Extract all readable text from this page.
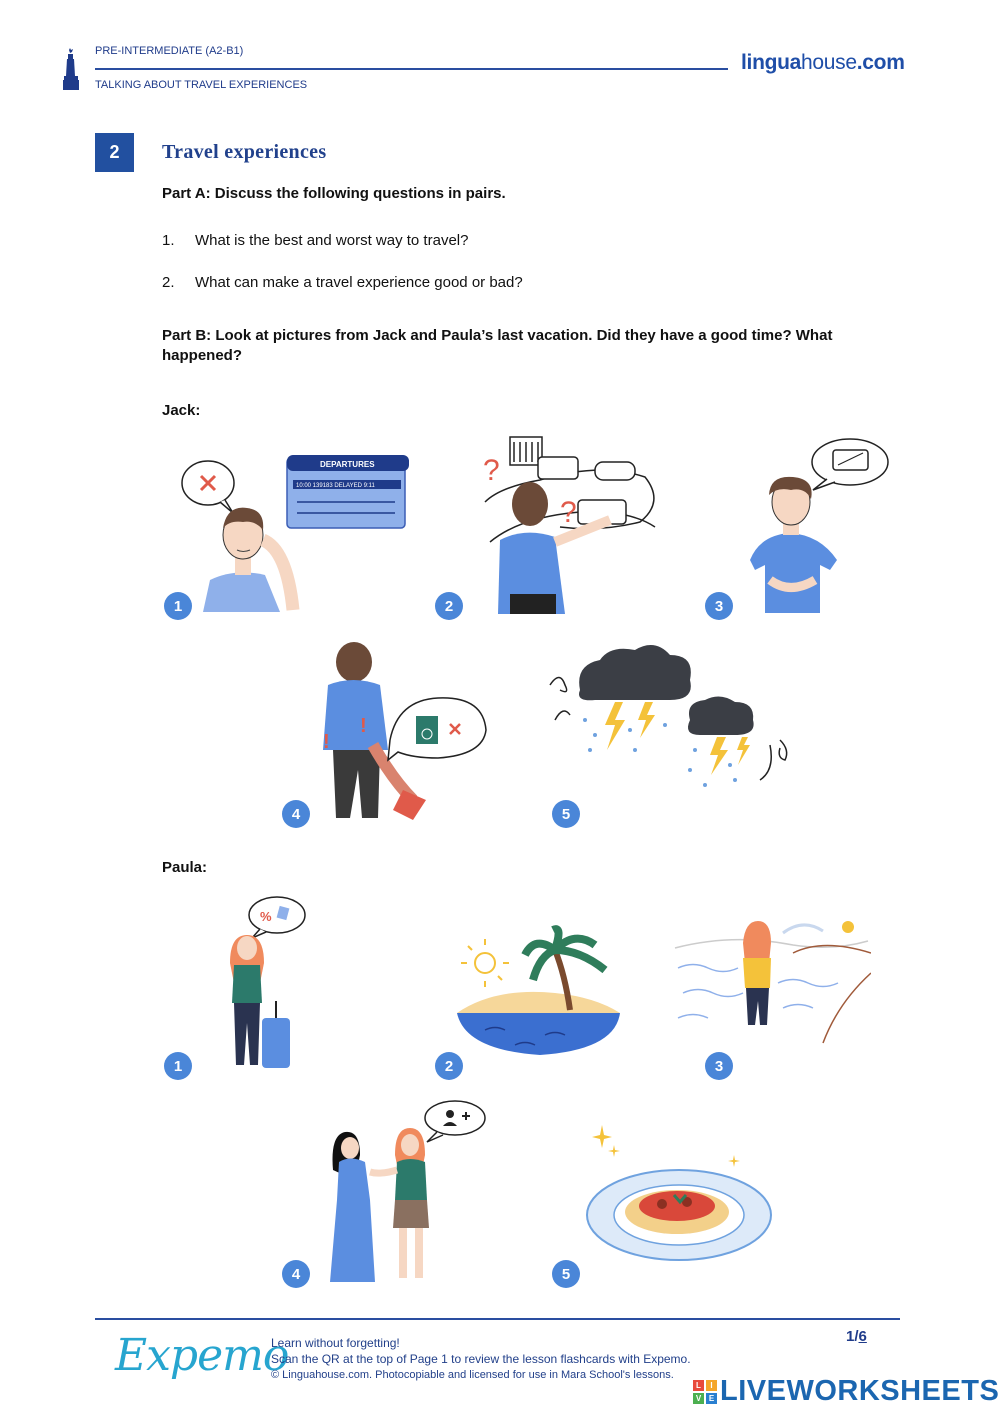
PRE-INTERMEDIATE (A2-B1)
TALKING ABOUT TRAVEL EXPERIENCES
linguahouse.com
2	Travel experiences
Part A: Discuss the following questions in pairs.
1. What is the best and worst way to travel?
2. What can make a travel experience good or bad?
Part B: Look at pictures from Jack and Paula’s last vacation. Did they have a good time? What happened?
Jack:
DEPARTURES
10:00 139183 DELAYED 9:11
1
?
?
2	3
!
!
4	5
Paula:
%
1	2	3
4	5
Expemo
Learn without forgetting!
Scan the QR at the top of Page 1 to review the lesson flashcards with Expemo.
© Linguahouse.com. Photocopiable and licensed for use in Mara School's lessons.
1/6
L	I
V E LIVEWORKSHEETS
